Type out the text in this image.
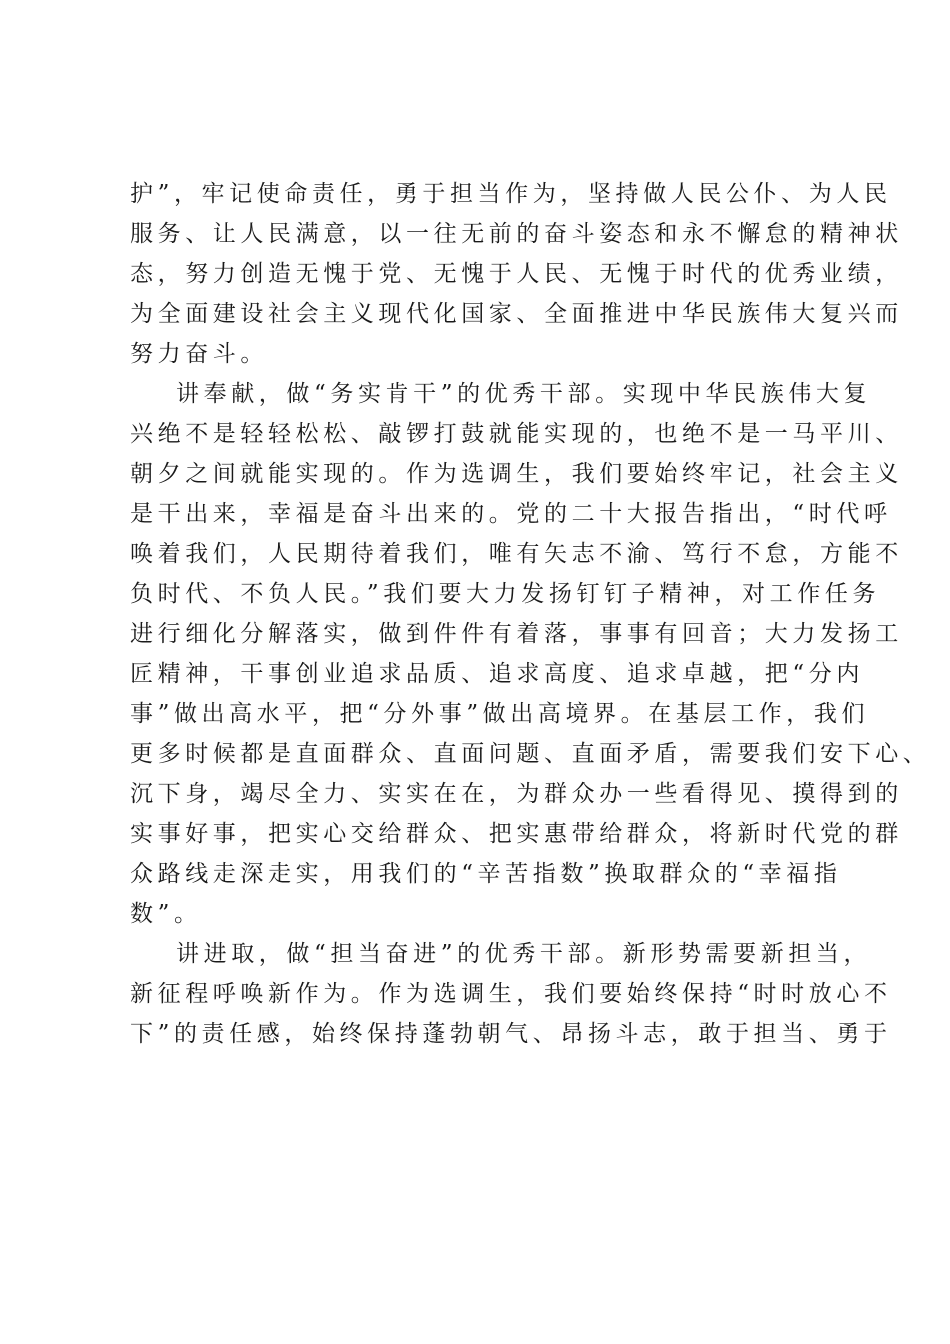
护”，牢记使命责任，勇于担当作为，坚持做人民公仆、为人民
服务、让人民满意，以一往无前的奋斗姿态和永不懈怠的精神状
态，努力创造无愧于党、无愧于人民、无愧于时代的优秀业绩，
为全面建设社会主义现代化国家、全面推进中华民族伟大复兴而
努力奋斗。
讲奉献，做“务实肯干”的优秀干部。实现中华民族伟大复
兴绝不是轻轻松松、敲锣打鼓就能实现的，也绝不是一马平川、
朝夕之间就能实现的。作为选调生，我们要始终牢记，社会主义
是干出来，幸福是奋斗出来的。党的二十大报告指出，“时代呼
唤着我们，人民期待着我们，唯有矢志不渝、笃行不怠，方能不
负时代、不负人民。”我们要大力发扬钉钉子精神，对工作任务
进行细化分解落实，做到件件有着落，事事有回音；大力发扬工
匠精神，干事创业追求品质、追求高度、追求卓越，把“分内
事”做出高水平，把“分外事”做出高境界。在基层工作，我们
更多时候都是直面群众、直面问题、直面矛盾，需要我们安下心、
沉下身，竭尽全力、实实在在，为群众办一些看得见、摸得到的
实事好事，把实心交给群众、把实惠带给群众，将新时代党的群
众路线走深走实，用我们的“辛苦指数”换取群众的“幸福指
数”。
讲进取，做“担当奋进”的优秀干部。新形势需要新担当，
新征程呼唤新作为。作为选调生，我们要始终保持“时时放心不
下”的责任感，始终保持蓬勃朝气、昂扬斗志，敢于担当、勇于
